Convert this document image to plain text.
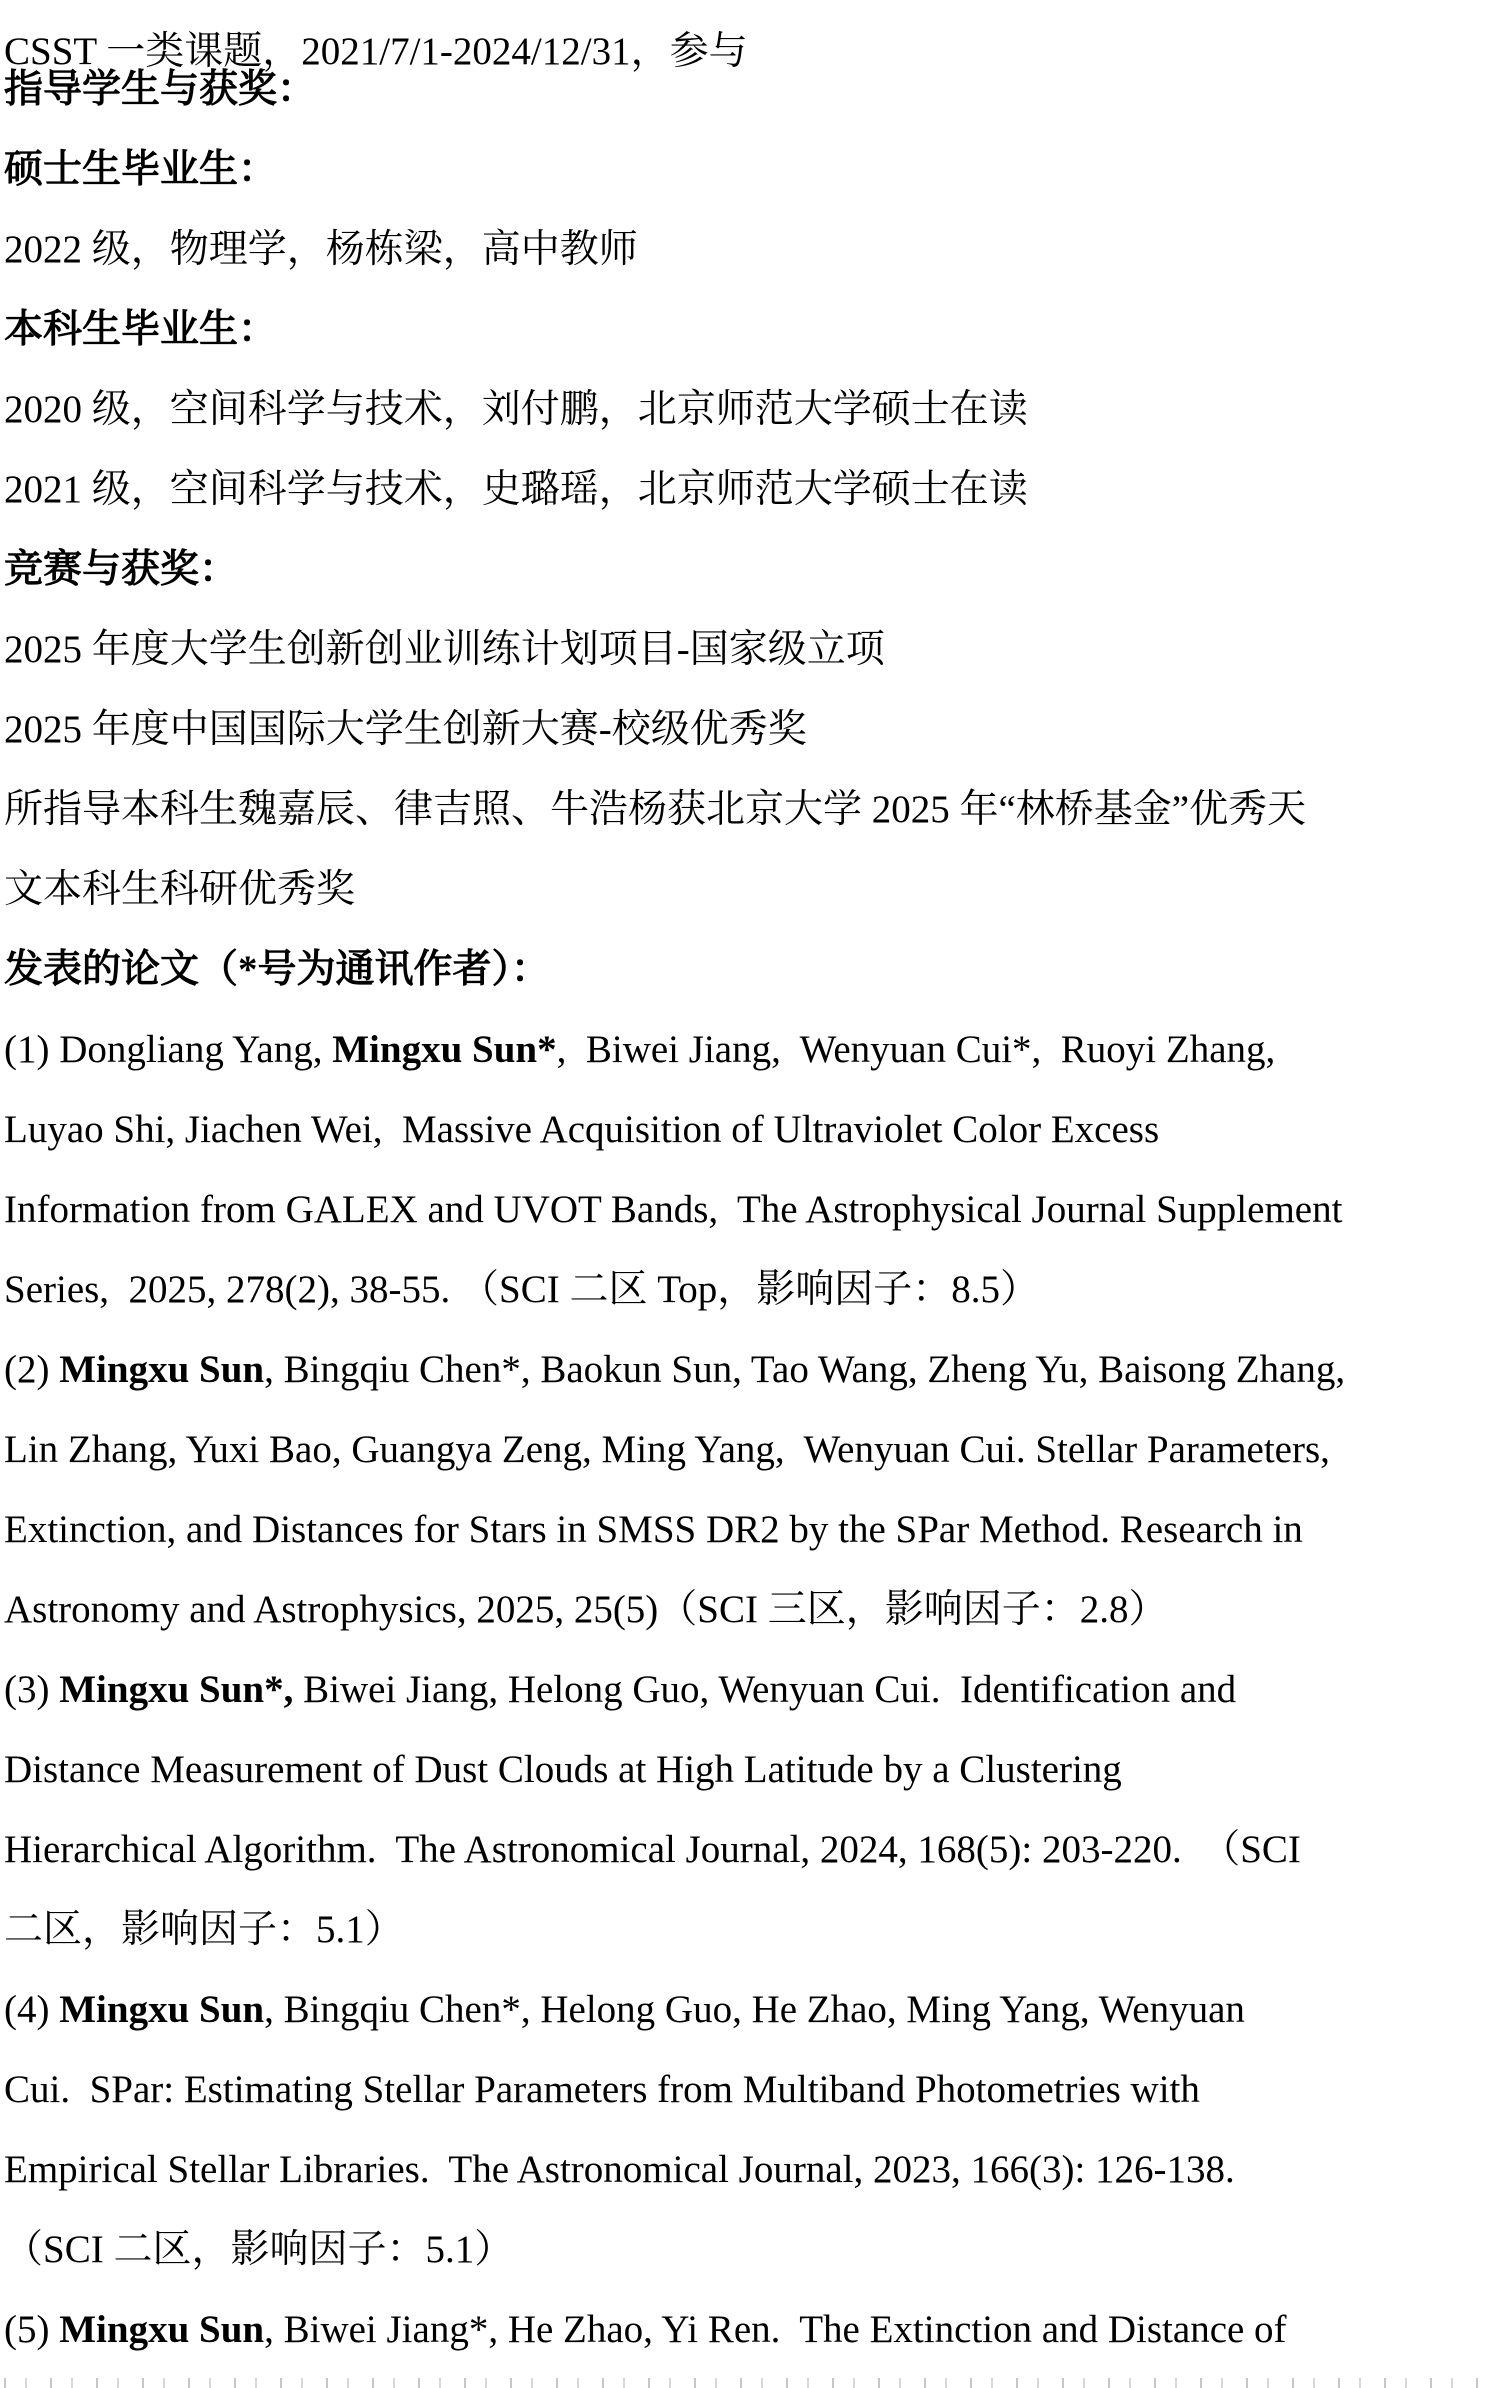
CSST 一类课题，2021/7/1-2024/12/31，参与
指导学生与获奖：
硕士生毕业生：
2022 级，物理学，杨栋梁，高中教师
本科生毕业生：
2020 级，空间科学与技术，刘付鹏，北京师范大学硕士在读
2021 级，空间科学与技术，史璐瑶，北京师范大学硕士在读
竞赛与获奖：
2025 年度大学生创新创业训练计划项目-国家级立项
2025 年度中国国际大学生创新大赛-校级优秀奖
所指导本科生魏嘉辰、律吉照、牛浩杨获北京大学 2025 年“林桥基金”优秀天
文本科生科研优秀奖
发表的论文（*号为通讯作者）：
(1) Dongliang Yang, Mingxu Sun*,  Biwei Jiang,  Wenyuan Cui*,  Ruoyi Zhang,
Luyao Shi, Jiachen Wei,  Massive Acquisition of Ultraviolet Color Excess
Information from GALEX and UVOT Bands,  The Astrophysical Journal Supplement
Series,  2025, 278(2), 38-55. （SCI 二区 Top，影响因子：8.5）
(2) Mingxu Sun, Bingqiu Chen*, Baokun Sun, Tao Wang, Zheng Yu, Baisong Zhang,
Lin Zhang, Yuxi Bao, Guangya Zeng, Ming Yang,  Wenyuan Cui. Stellar Parameters,
Extinction, and Distances for Stars in SMSS DR2 by the SPar Method. Research in
Astronomy and Astrophysics, 2025, 25(5)（SCI 三区，影响因子：2.8）
(3) Mingxu Sun*, Biwei Jiang, Helong Guo, Wenyuan Cui.  Identification and
Distance Measurement of Dust Clouds at High Latitude by a Clustering
Hierarchical Algorithm.  The Astronomical Journal, 2024, 168(5): 203-220.  （SCI
二区，影响因子：5.1）
(4) Mingxu Sun, Bingqiu Chen*, Helong Guo, He Zhao, Ming Yang, Wenyuan
Cui.  SPar: Estimating Stellar Parameters from Multiband Photometries with
Empirical Stellar Libraries.  The Astronomical Journal, 2023, 166(3): 126-138.
（SCI 二区，影响因子：5.1）
(5) Mingxu Sun, Biwei Jiang*, He Zhao, Yi Ren.  The Extinction and Distance of
